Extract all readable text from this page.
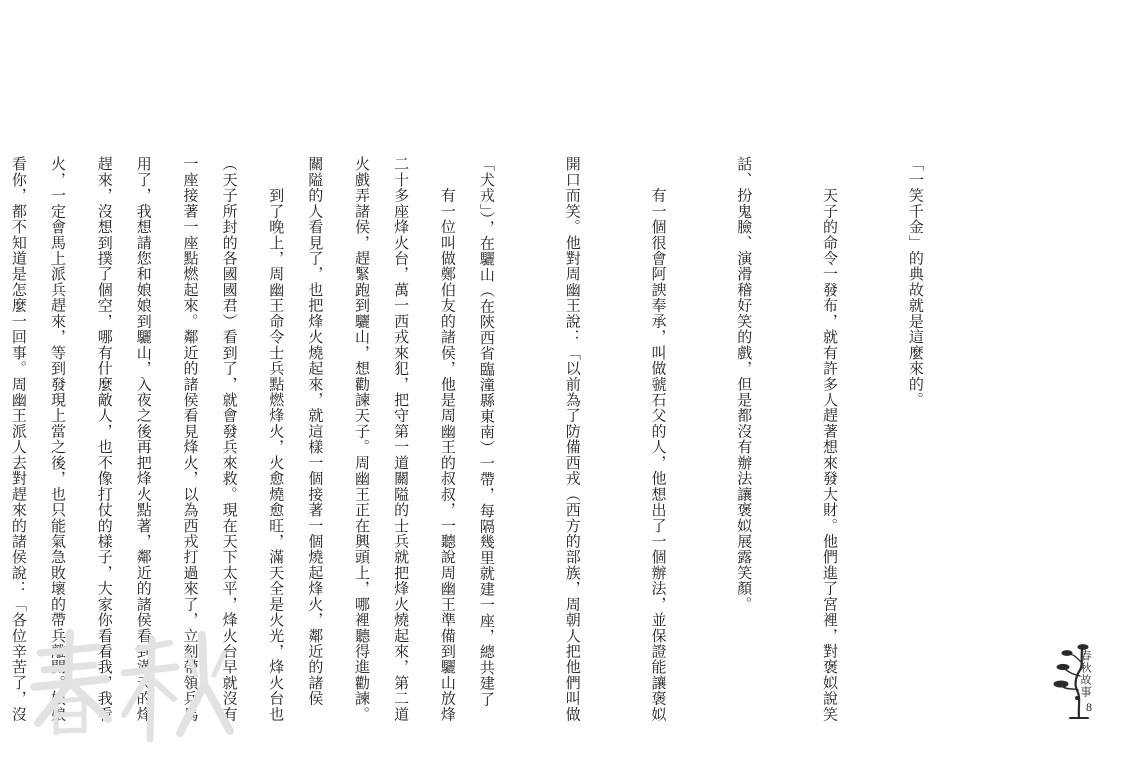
「一笑千金」的典故就是這麼來的。

　　天子的命令一發布，就有許多人趕著想來發大財。他們進了宮裡，對褒姒說笑

話、扮鬼臉、演滑稽好笑的戲，但是都沒有辦法讓褒姒展露笑顏。

　　有一個很會阿諛奉承，叫做虢石父的人，他想出了一個辦法，並保證能讓褒姒

開口而笑。他對周幽王說：「以前為了防備西戎（西方的部族，周朝人把他們叫做

「犬戎」），在驪山（在陝西省臨潼縣東南）一帶，每隔幾里就建一座，總共建了

二十多座烽火台，萬一西戎來犯，把守第一道關隘的士兵就把烽火燒起來，第二道

關隘的人看見了，也把烽火燒起來，就這樣一個接著一個燒起烽火，鄰近的諸侯

（天子所封的各國國君）看到了，就會發兵來救。現在天下太平，烽火台早就沒有

用了，我想請您和娘娘到驪山，入夜之後再把烽火點著，鄰近的諸侯看到滿天的烽

火，一定會馬上派兵趕來，等到發現上當之後，也只能氣急敗壞的帶兵離開。娘娘

	　　有一位叫做鄭伯友的諸侯，他是周幽王的叔叔，一聽說周幽王準備到驪山放烽

火戲弄諸侯，趕緊跑到驪山，想勸諫天子。周幽王正在興頭上，哪裡聽得進勸諫。

　　到了晚上，周幽王命令士兵點燃烽火，火愈燒愈旺，滿天全是火光，烽火台也

一座接著一座點燃起來。鄰近的諸侯看見烽火，以為西戎打過來了，立刻帶領兵馬

趕來，沒想到撲了個空，哪有什麼敵人，也不像打仗的樣子，大家你看看我，我看

看你，都不知道是怎麼一回事。周幽王派人去對趕來的諸侯說：「各位辛苦了，沒

	春秋故事
8
